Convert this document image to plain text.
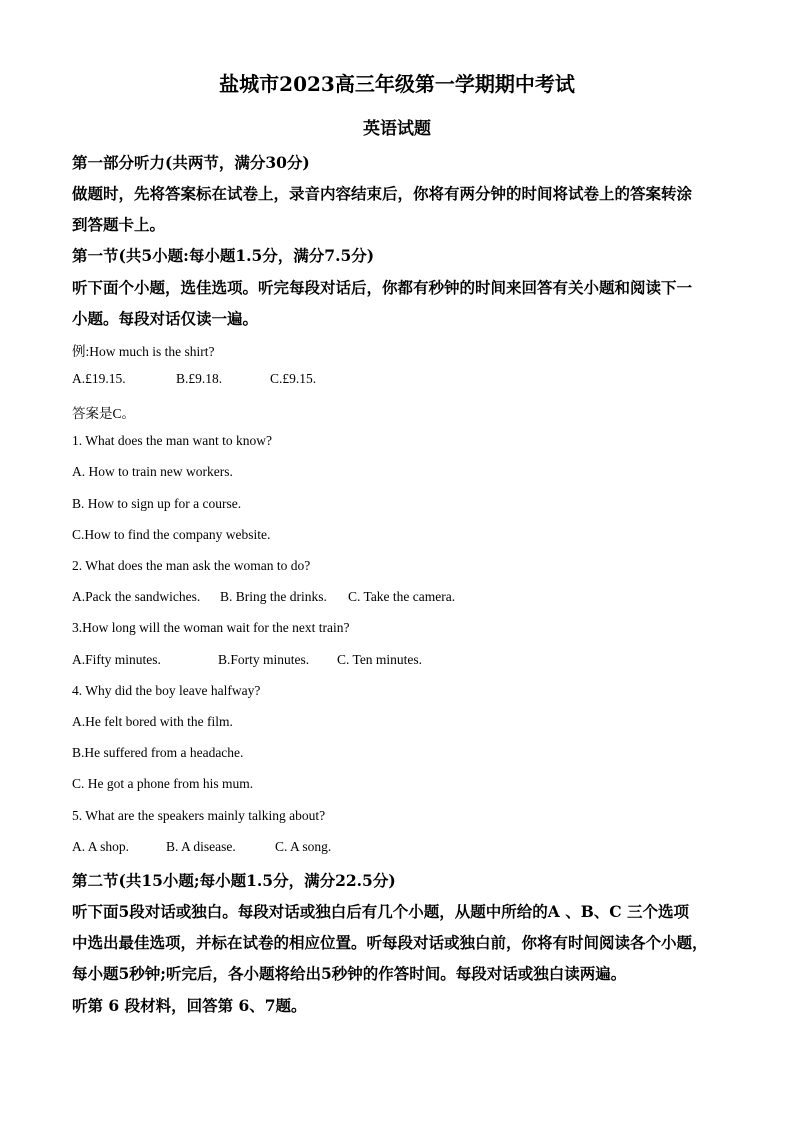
盐城市2023高三年级第一学期期中考试
英语试题
第一部分听力(共两节，满分30分)
做题时，先将答案标在试卷上，录音内容结束后，你将有两分钟的时间将试卷上的答案转涂
到答题卡上。
第一节(共5小题:每小题1.5分，满分7.5分)
听下面个小题，选佳选项。听完每段对话后，你都有秒钟的时间来回答有关小题和阅读下一
小题。每段对话仅读一遍。
例:How much is the shirt?
A.£19.15.	B.£9.18.	C.£9.15.
答案是C。
1. What does the man want to know?
A. How to train new workers.
B. How to sign up for a course.
C.How to find the company website.
2. What does the man ask the woman to do?
A.Pack the sandwiches.	B. Bring the drinks.	C. Take the camera.
3.How long will the woman wait for the next train?
A.Fifty minutes.	B.Forty minutes.	C. Ten minutes.
4. Why did the boy leave halfway?
A.He felt bored with the film.
B.He suffered from a headache.
C. He got a phone from his mum.
5. What are the speakers mainly talking about?
A. A shop.	B. A disease.	C. A song.
第二节(共15小题;每小题1.5分，满分22.5分)
听下面5段对话或独白。每段对话或独白后有几个小题，从题中所给的A 、B、C 三个选项
中选出最佳选项，并标在试卷的相应位置。听每段对话或独白前，你将有时间阅读各个小题，
每小题5秒钟;听完后，各小题将给出5秒钟的作答时间。每段对话或独白读两遍。
听第 6 段材料，回答第 6、7题。
